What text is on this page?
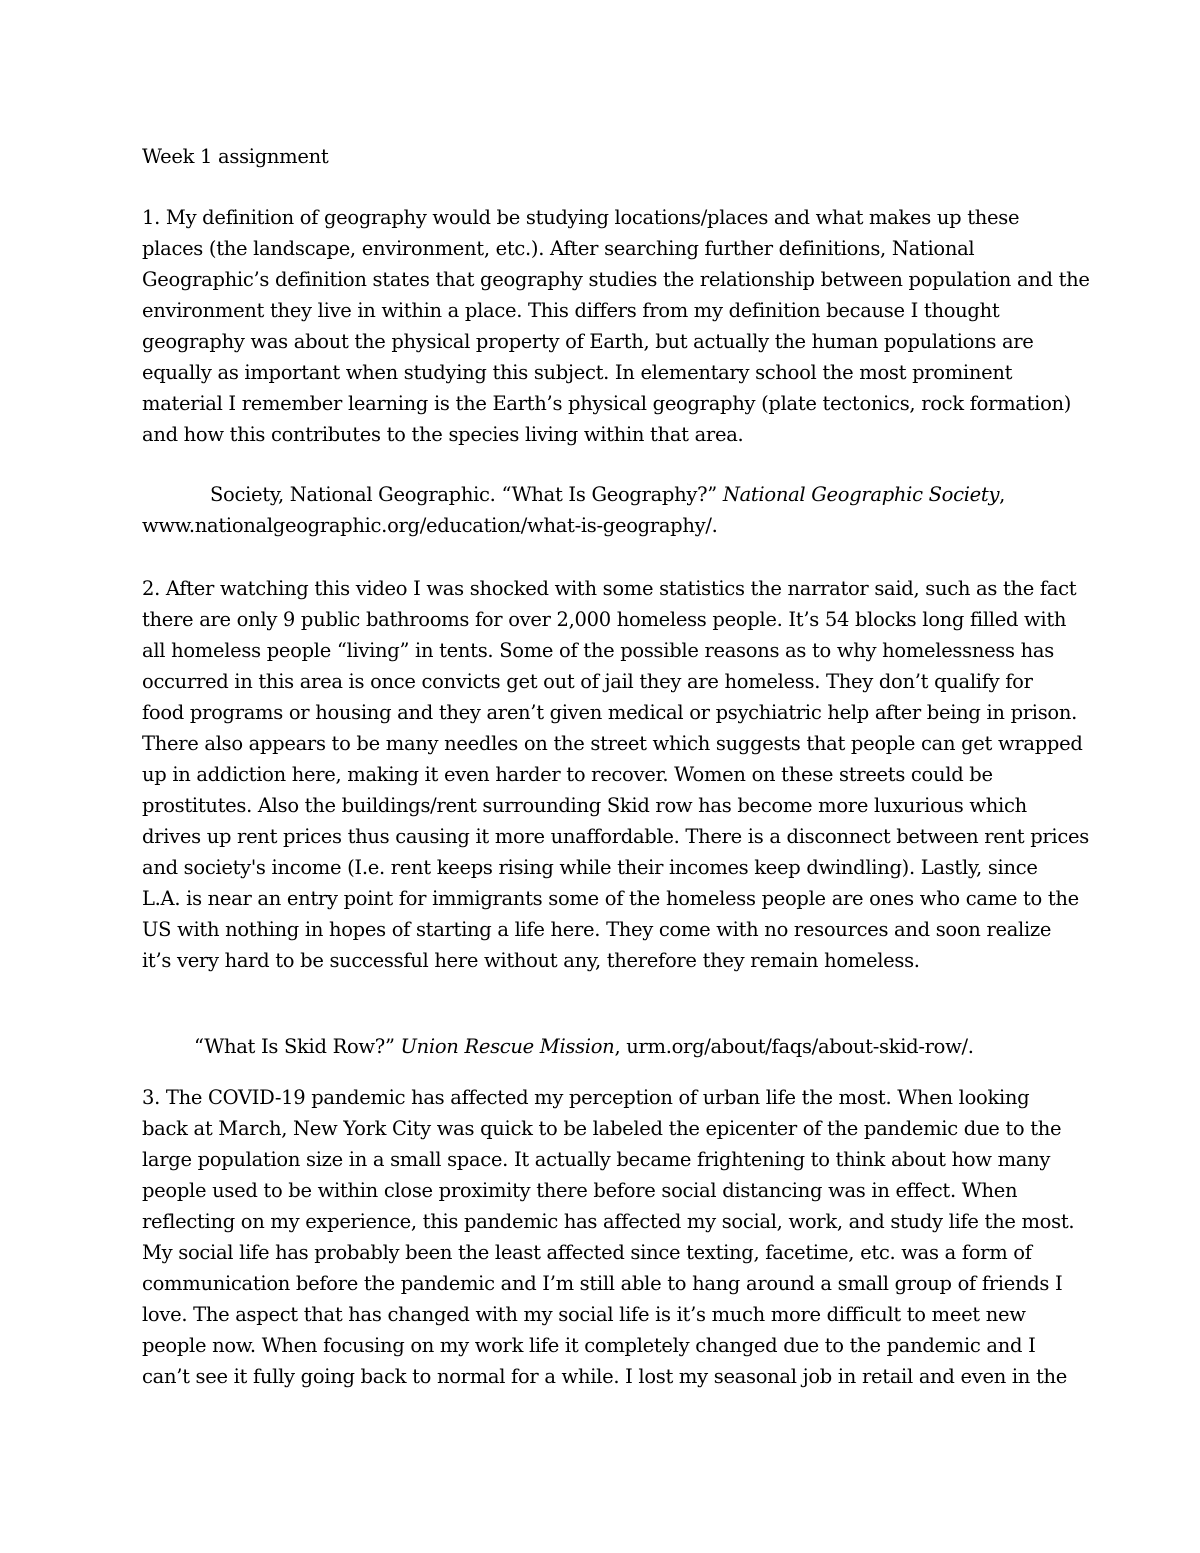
Week 1 assignment
1. My definition of geography would be studying locations/places and what makes up these
places (the landscape, environment, etc.). After searching further definitions, National
Geographic’s definition states that geography studies the relationship between population and the
environment they live in within a place. This differs from my definition because I thought
geography was about the physical property of Earth, but actually the human populations are
equally as important when studying this subject. In elementary school the most prominent
material I remember learning is the Earth’s physical geography (plate tectonics, rock formation)
and how this contributes to the species living within that area.
Society, National Geographic. “What Is Geography?” National Geographic Society,
www.nationalgeographic.org/education/what-is-geography/.
2. After watching this video I was shocked with some statistics the narrator said, such as the fact
there are only 9 public bathrooms for over 2,000 homeless people. It’s 54 blocks long filled with
all homeless people “living” in tents. Some of the possible reasons as to why homelessness has
occurred in this area is once convicts get out of jail they are homeless. They don’t qualify for
food programs or housing and they aren’t given medical or psychiatric help after being in prison.
There also appears to be many needles on the street which suggests that people can get wrapped
up in addiction here, making it even harder to recover. Women on these streets could be
prostitutes. Also the buildings/rent surrounding Skid row has become more luxurious which
drives up rent prices thus causing it more unaffordable. There is a disconnect between rent prices
and society's income (I.e. rent keeps rising while their incomes keep dwindling). Lastly, since
L.A. is near an entry point for immigrants some of the homeless people are ones who came to the
US with nothing in hopes of starting a life here. They come with no resources and soon realize
it’s very hard to be successful here without any, therefore they remain homeless.
“What Is Skid Row?” Union Rescue Mission, urm.org/about/faqs/about-skid-row/.
3. The COVID-19 pandemic has affected my perception of urban life the most. When looking
back at March, New York City was quick to be labeled the epicenter of the pandemic due to the
large population size in a small space. It actually became frightening to think about how many
people used to be within close proximity there before social distancing was in effect. When
reflecting on my experience, this pandemic has affected my social, work, and study life the most.
My social life has probably been the least affected since texting, facetime, etc. was a form of
communication before the pandemic and I’m still able to hang around a small group of friends I
love. The aspect that has changed with my social life is it’s much more difficult to meet new
people now. When focusing on my work life it completely changed due to the pandemic and I
can’t see it fully going back to normal for a while. I lost my seasonal job in retail and even in the
